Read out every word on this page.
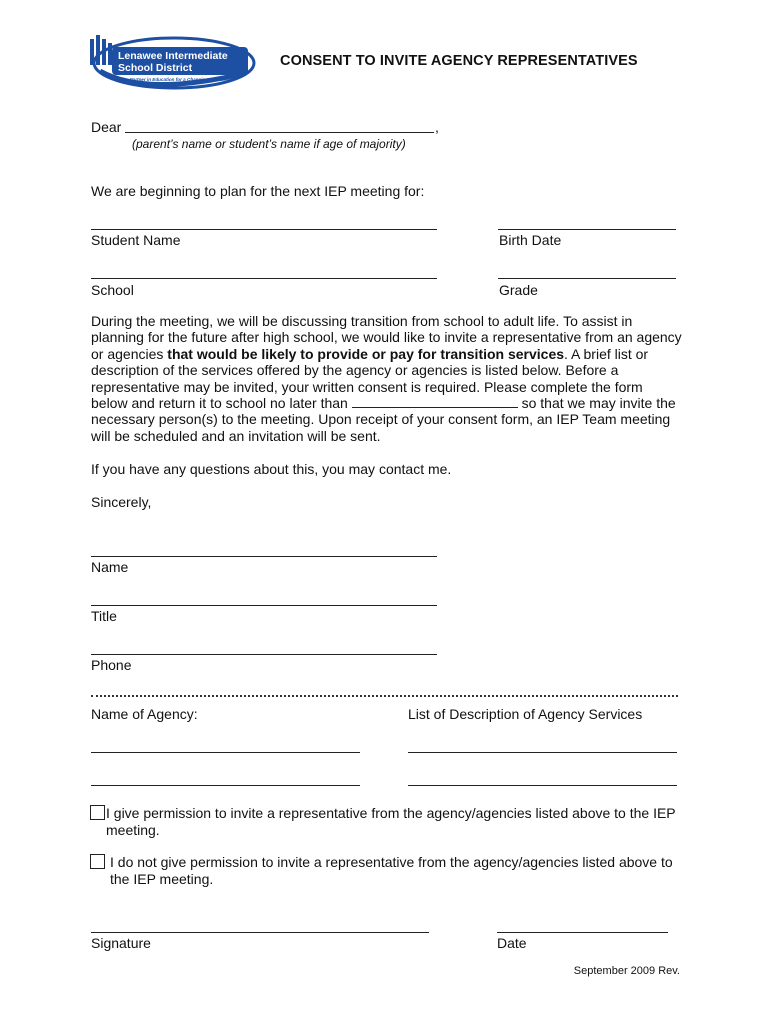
Lenawee Intermediate
School District
Your Partner in Education for a Changing Tomorrow
CONSENT TO INVITE AGENCY REPRESENTATIVES
Dear	,
(parent’s name or student’s name if age of majority)
We are beginning to plan for the next IEP meeting for:
Student Name	Birth Date
School	Grade

During the meeting, we will be discussing transition from school to adult life. To assist in

planning for the future after high school, we would like to invite a representative from an agency

or agencies that would be likely to provide or pay for transition services. A brief list or

description of the services offered by the agency or agencies is listed below. Before a

representative may be invited, your written consent is required. Please complete the form

below and return it to school no later than	so that we may invite the

necessary person(s) to the meeting. Upon receipt of your consent form, an IEP Team meeting

will be scheduled and an invitation will be sent.

If you have any questions about this, you may contact me.
Sincerely,
Name
Title
Phone
Name of Agency:	List of Description of Agency Services
I give permission to invite a representative from the agency/agencies listed above to the IEP
meeting.
I do not give permission to invite a representative from the agency/agencies listed above to
the IEP meeting.
Signature	Date
September 2009 Rev.
